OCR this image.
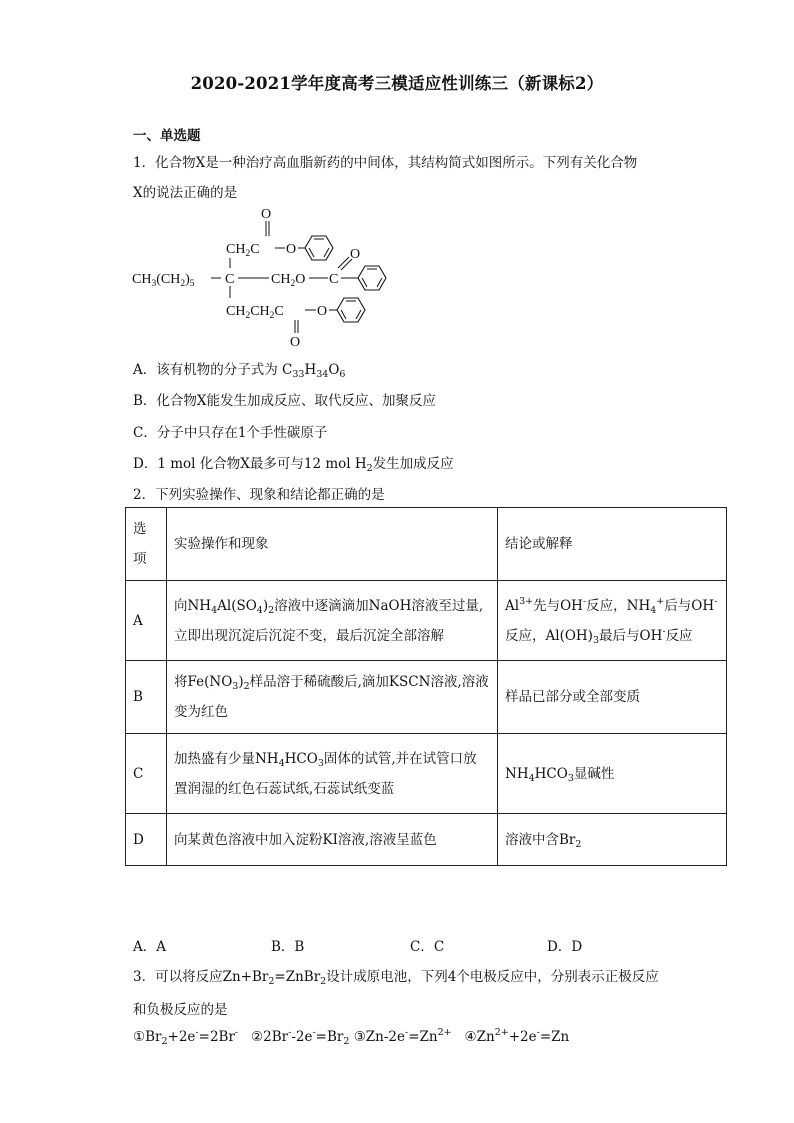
2020-2021学年度高考三模适应性训练三（新课标2）
一、单选题
1．化合物X是一种治疗高血脂新药的中间体，其结构简式如图所示。下列有关化合物
X的说法正确的是
$CH_2C$
O
O
$CH_3(CH_2)_5$ C	$CH_2O$ C
O
$CH_2CH_2C$
O
O
A．该有机物的分子式为 $C_{33}H_{34}O_6$
B．化合物X能发生加成反应、取代反应、加聚反应
C．分子中只存在1个手性碳原子
D．1 mol 化合物X最多可与12 mol $H_2$发生加成反应
2．下列实验操作、现象和结论都正确的是
选
项	实验操作和现象	结论或解释
A	向$NH_4Al(SO_4)_2$溶液中逐滴滴加NaOH溶液至过量,立即出现沉淀后沉淀不变，最后沉淀全部溶解	$Al^{3+}$先与OH-反应，$NH_4^+$后与OH-反应，$Al(OH)_3$最后与OH-反应
B	将$Fe(NO_3)_2$样品溶于稀硫酸后,滴加KSCN溶液,溶液变为红色	样品已部分或全部变质
C	加热盛有少量$NH_4HCO_3$固体的试管,并在试管口放置润湿的红色石蕊试纸,石蕊试纸变蓝	$NH_4HCO_3$显碱性
D	向某黄色溶液中加入淀粉KI溶液,溶液呈蓝色	溶液中含$Br_2$
A．A	B．B	C．C	D．D
3．可以将反应$Zn+Br_2=ZnBr_2$设计成原电池，下列4个电极反应中，分别表示正极反应
和负极反应的是
$①Br_2+2e^-=2Br^-$   $②2Br^--2e^-=Br_2$ ③Zn-$2e^-=Zn^{2+}$   $④Zn^{2+}+2e^-=Zn$
